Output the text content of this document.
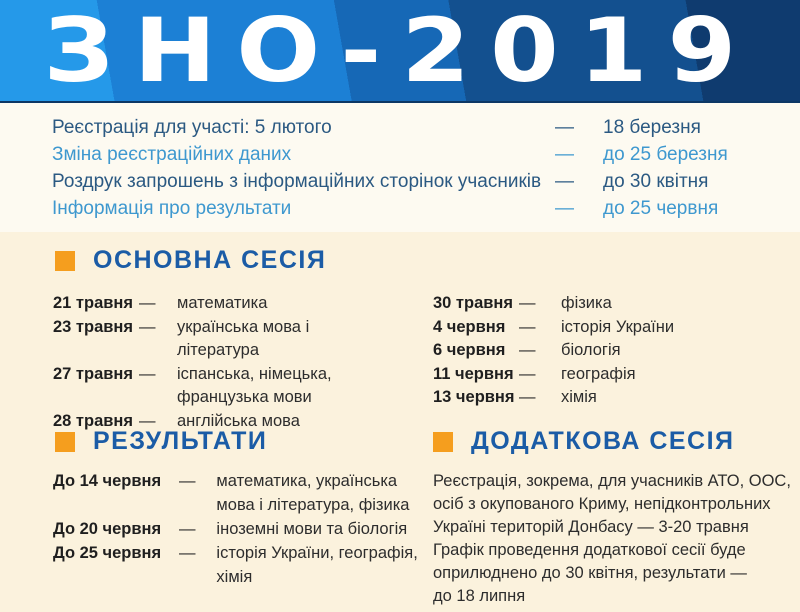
ЗНО-2019
Реєстрація для участі: 5 лютого	—	18 березня
Зміна реєстраційних даних	—	до 25 березня
Роздрук запрошень з інформаційних сторінок учасників —	до 30 квітня
Інформація про результати	—	до 25 червня
ОСНОВНА СЕСІЯ
21 травня —	математика
23 травня —	українська мова і література
27 травня —	іспанська, німецька, французька мови
28 травня —	англійська мова
30 травня —	фізика
4 червня —	історія України
6 червня —	біологія
11 червня —	географія
13 червня —	хімія
РЕЗУЛЬТАТИ
До 14 червня	—	математика, українська мова і література, фізика
До 20 червня	—	іноземні мови та біологія
До 25 червня	—	історія України, географія, хімія
ДОДАТКОВА СЕСІЯ
Реєстрація, зокрема, для учасників АТО, ООС,
осіб з окупованого Криму, непідконтрольних
Україні територій Донбасу — 3-20 травня
Графік проведення додаткової сесії буде
оприлюднено до 30 квітня, результати —
до 18 липня
